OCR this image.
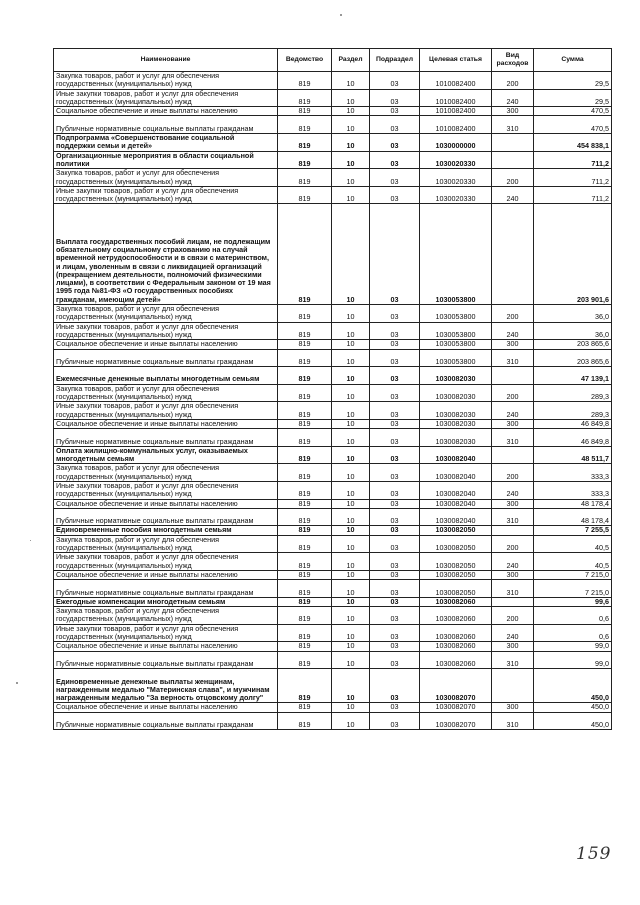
Наименование	Ведомство	Раздел	Подраздел	Целевая статья	Вид расходов	Сумма
Закупка товаров, работ и услуг для обеспечения государственных (муниципальных) нужд	819	10	03	1010082400	200	29,5
Иные закупки товаров, работ и услуг для обеспечения государственных (муниципальных) нужд	819	10	03	1010082400	240	29,5
Социальное обеспечение и иные выплаты населению	819	10	03	1010082400	300	470,5
Публичные нормативные социальные выплаты гражданам	819	10	03	1010082400	310	470,5
Подпрограмма «Совершенствование социальной поддержки семьи и детей»	819	10	03	1030000000		454 838,1
Организационные мероприятия в области социальной политики	819	10	03	1030020330		711,2
Закупка товаров, работ и услуг для обеспечения государственных (муниципальных) нужд	819	10	03	1030020330	200	711,2
Иные закупки товаров, работ и услуг для обеспечения государственных (муниципальных) нужд	819	10	03	1030020330	240	711,2
Выплата государственных пособий лицам, не подлежащим обязательному социальному страхованию на случай временной нетрудоспособности и в связи с материнством, и лицам, уволенным в связи с ликвидацией организаций (прекращением деятельности, полномочий физическими лицами), в соответствии с Федеральным законом от 19 мая 1995 года №81-ФЗ «О государственных пособиях гражданам, имеющим детей»	819	10	03	1030053800		203 901,6
Закупка товаров, работ и услуг для обеспечения государственных (муниципальных) нужд	819	10	03	1030053800	200	36,0
Иные закупки товаров, работ и услуг для обеспечения государственных (муниципальных) нужд	819	10	03	1030053800	240	36,0
Социальное обеспечение и иные выплаты населению	819	10	03	1030053800	300	203 865,6
Публичные нормативные социальные выплаты гражданам	819	10	03	1030053800	310	203 865,6
Ежемесячные денежные выплаты многодетным семьям	819	10	03	1030082030		47 139,1
Закупка товаров, работ и услуг для обеспечения государственных (муниципальных) нужд	819	10	03	1030082030	200	289,3
Иные закупки товаров, работ и услуг для обеспечения государственных (муниципальных) нужд	819	10	03	1030082030	240	289,3
Социальное обеспечение и иные выплаты населению	819	10	03	1030082030	300	46 849,8
Публичные нормативные социальные выплаты гражданам	819	10	03	1030082030	310	46 849,8
Оплата жилищно-коммунальных услуг, оказываемых многодетным семьям	819	10	03	1030082040		48 511,7
Закупка товаров, работ и услуг для обеспечения государственных (муниципальных) нужд	819	10	03	1030082040	200	333,3
Иные закупки товаров, работ и услуг для обеспечения государственных (муниципальных) нужд	819	10	03	1030082040	240	333,3
Социальное обеспечение и иные выплаты населению	819	10	03	1030082040	300	48 178,4
Публичные нормативные социальные выплаты гражданам	819	10	03	1030082040	310	48 178,4
Единовременные пособия многодетным семьям	819	10	03	1030082050		7 255,5
Закупка товаров, работ и услуг для обеспечения государственных (муниципальных) нужд	819	10	03	1030082050	200	40,5
Иные закупки товаров, работ и услуг для обеспечения государственных (муниципальных) нужд	819	10	03	1030082050	240	40,5
Социальное обеспечение и иные выплаты населению	819	10	03	1030082050	300	7 215,0
Публичные нормативные социальные выплаты гражданам	819	10	03	1030082050	310	7 215,0
Ежегодные компенсации многодетным семьям	819	10	03	1030082060		99,6
Закупка товаров, работ и услуг для обеспечения государственных (муниципальных) нужд	819	10	03	1030082060	200	0,6
Иные закупки товаров, работ и услуг для обеспечения государственных (муниципальных) нужд	819	10	03	1030082060	240	0,6
Социальное обеспечение и иные выплаты населению	819	10	03	1030082060	300	99,0
Публичные нормативные социальные выплаты гражданам	819	10	03	1030082060	310	99,0
Единовременные денежные выплаты женщинам, награжденным медалью "Материнская слава", и мужчинам награжденным медалью "За верность отцовскому долгу"	819	10	03	1030082070		450,0
Социальное обеспечение и иные выплаты населению	819	10	03	1030082070	300	450,0
Публичные нормативные социальные выплаты гражданам	819	10	03	1030082070	310	450,0
159
